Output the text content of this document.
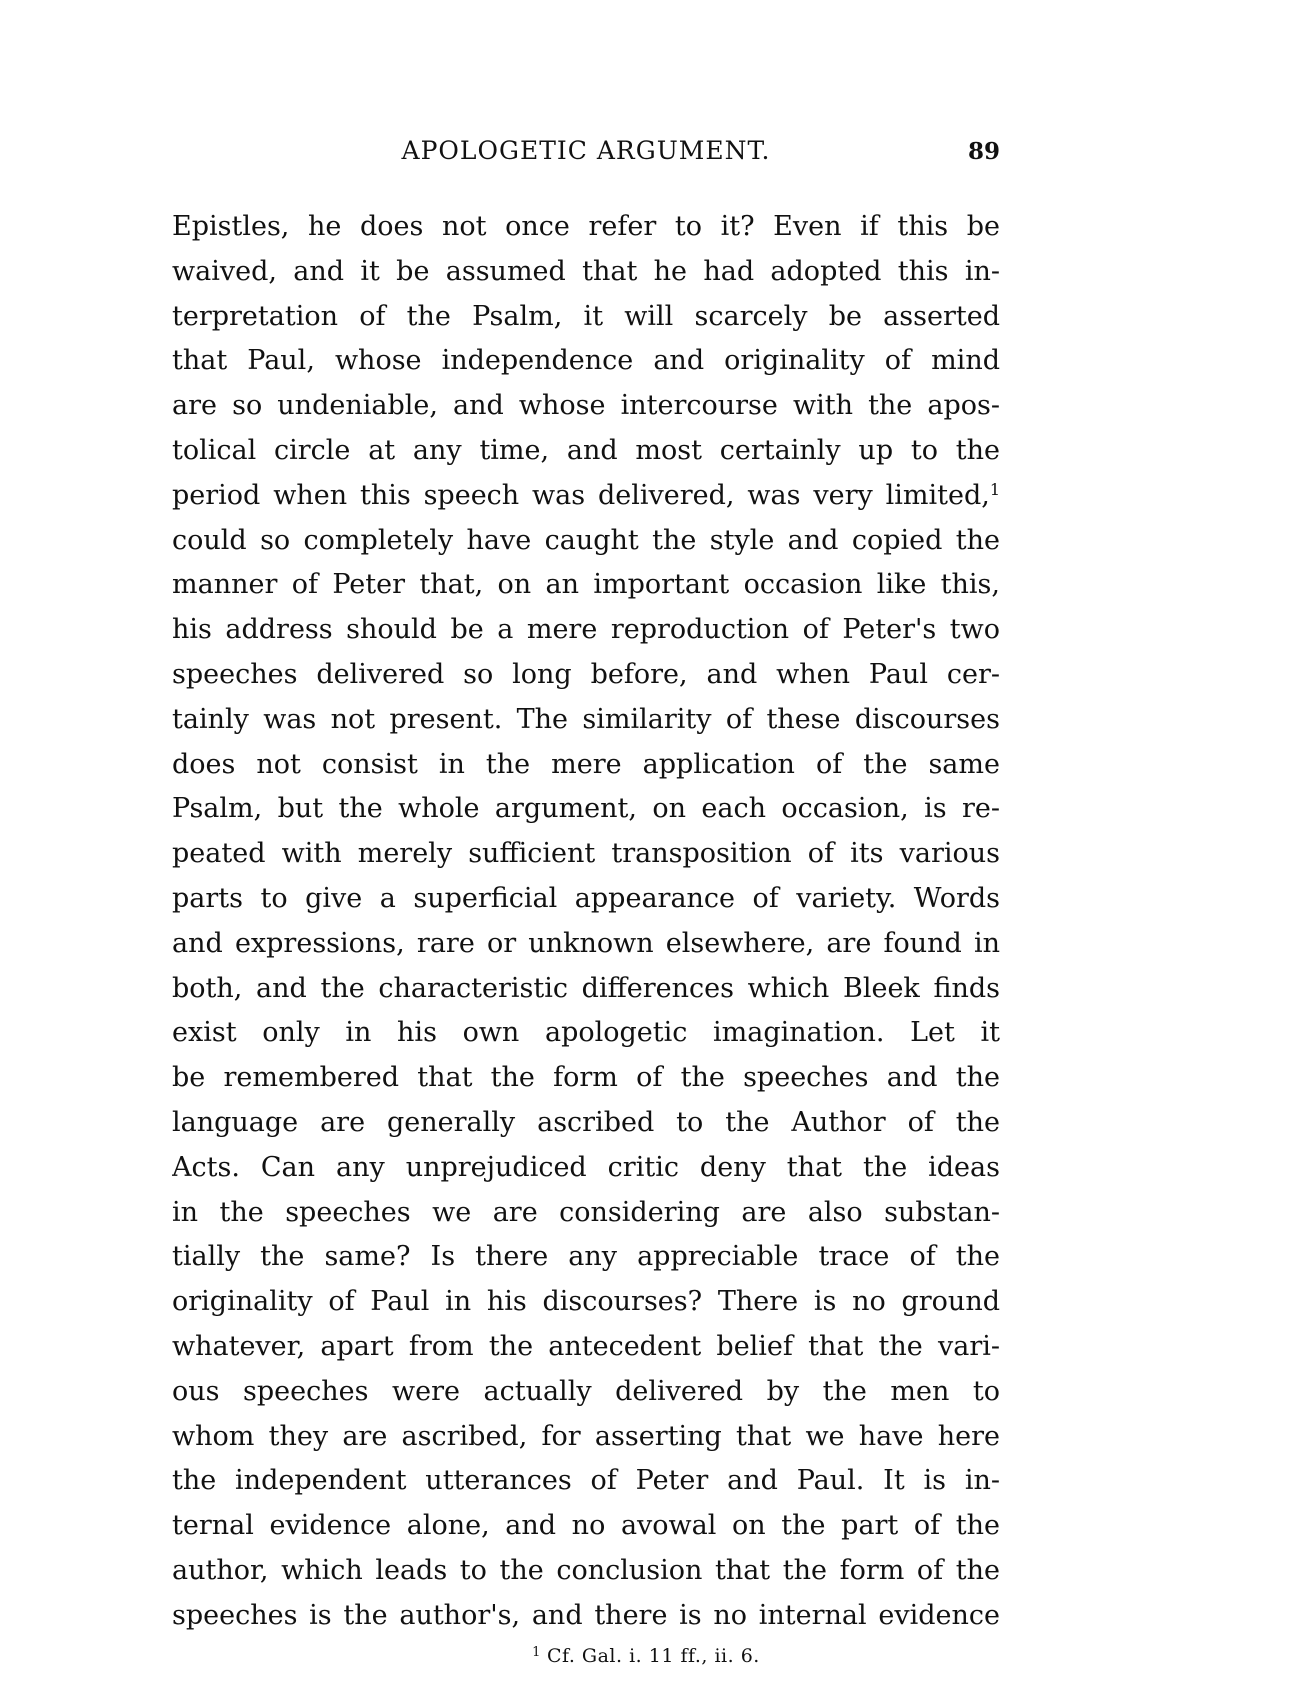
APOLOGETIC ARGUMENT.	89
Epistles, he does not once refer to it? Even if this be
waived, and it be assumed that he had adopted this in-
terpretation of the Psalm, it will scarcely be asserted
that Paul, whose independence and originality of mind
are so undeniable, and whose intercourse with the apos-
tolical circle at any time, and most certainly up to the
period when this speech was delivered, was very limited,$^1$
could so completely have caught the style and copied the
manner of Peter that, on an important occasion like this,
his address should be a mere reproduction of Peter's two
speeches delivered so long before, and when Paul cer-
tainly was not present. The similarity of these discourses
does not consist in the mere application of the same
Psalm, but the whole argument, on each occasion, is re-
peated with merely sufficient transposition of its various
parts to give a superficial appearance of variety. Words
and expressions, rare or unknown elsewhere, are found in
both, and the characteristic differences which Bleek finds
exist only in his own apologetic imagination. Let it
be remembered that the form of the speeches and the
language are generally ascribed to the Author of the
Acts. Can any unprejudiced critic deny that the ideas
in the speeches we are considering are also substan-
tially the same? Is there any appreciable trace of the
originality of Paul in his discourses? There is no ground
whatever, apart from the antecedent belief that the vari-
ous speeches were actually delivered by the men to
whom they are ascribed, for asserting that we have here
the independent utterances of Peter and Paul. It is in-
ternal evidence alone, and no avowal on the part of the
author, which leads to the conclusion that the form of the
speeches is the author's, and there is no internal evidence
$^1$ Cf. Gal. i. 11 ff., ii. 6.
